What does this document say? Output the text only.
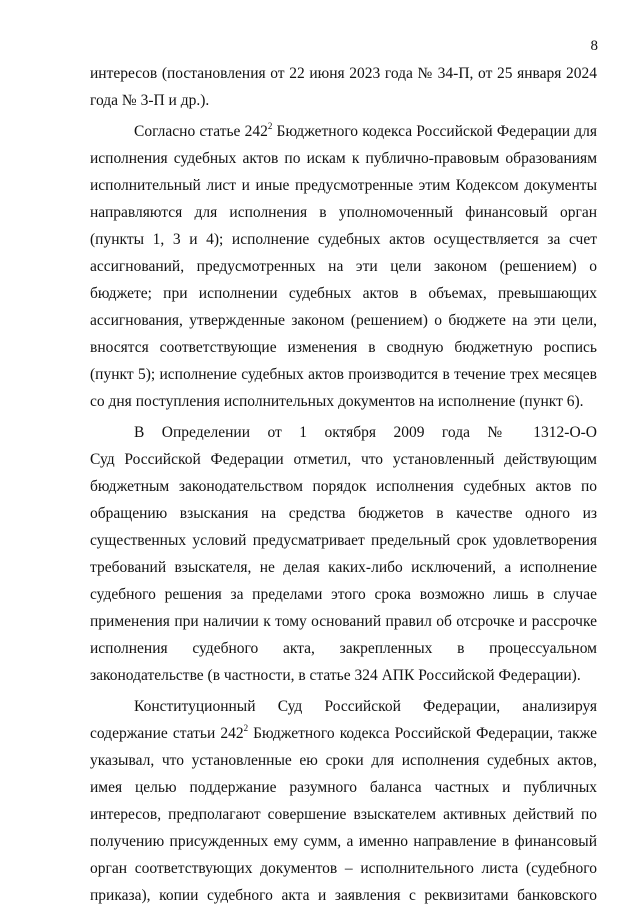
8
интересов (постановления от 22 июня 2023 года № 34-П, от 25 января 2024
года № 3-П и др.).
Согласно статье $242^2$ Бюджетного кодекса Российской Федерации для
исполнения судебных актов по искам к публично-правовым образованиям
исполнительный лист и иные предусмотренные этим Кодексом документы
направляются для исполнения в уполномоченный финансовый орган
(пункты 1, 3 и 4); исполнение судебных актов осуществляется за счет
ассигнований, предусмотренных на эти цели законом (решением) о
бюджете; при исполнении судебных актов в объемах, превышающих
ассигнования, утвержденные законом (решением) о бюджете на эти цели,
вносятся соответствующие изменения в сводную бюджетную роспись
(пункт 5); исполнение судебных актов производится в течение трех месяцев
со дня поступления исполнительных документов на исполнение (пункт 6).
В Определении от 1 октября 2009 года № 1312-О-О
Суд Российской Федерации отметил, что установленный действующим
бюджетным законодательством порядок исполнения судебных актов по
обращению взыскания на средства бюджетов в качестве одного из
существенных условий предусматривает предельный срок удовлетворения
требований взыскателя, не делая каких-либо исключений, а исполнение
судебного решения за пределами этого срока возможно лишь в случае
применения при наличии к тому оснований правил об отсрочке и рассрочке
исполнения судебного акта, закрепленных в процессуальном
законодательстве (в частности, в статье 324 АПК Российской Федерации).
Конституционный Суд Российской Федерации, анализируя
содержание статьи $242^2$ Бюджетного кодекса Российской Федерации, также
указывал, что установленные ею сроки для исполнения судебных актов,
имея целью поддержание разумного баланса частных и публичных
интересов, предполагают совершение взыскателем активных действий по
получению присужденных ему сумм, а именно направление в финансовый
орган соответствующих документов – исполнительного листа (судебного
приказа), копии судебного акта и заявления с реквизитами банковского
